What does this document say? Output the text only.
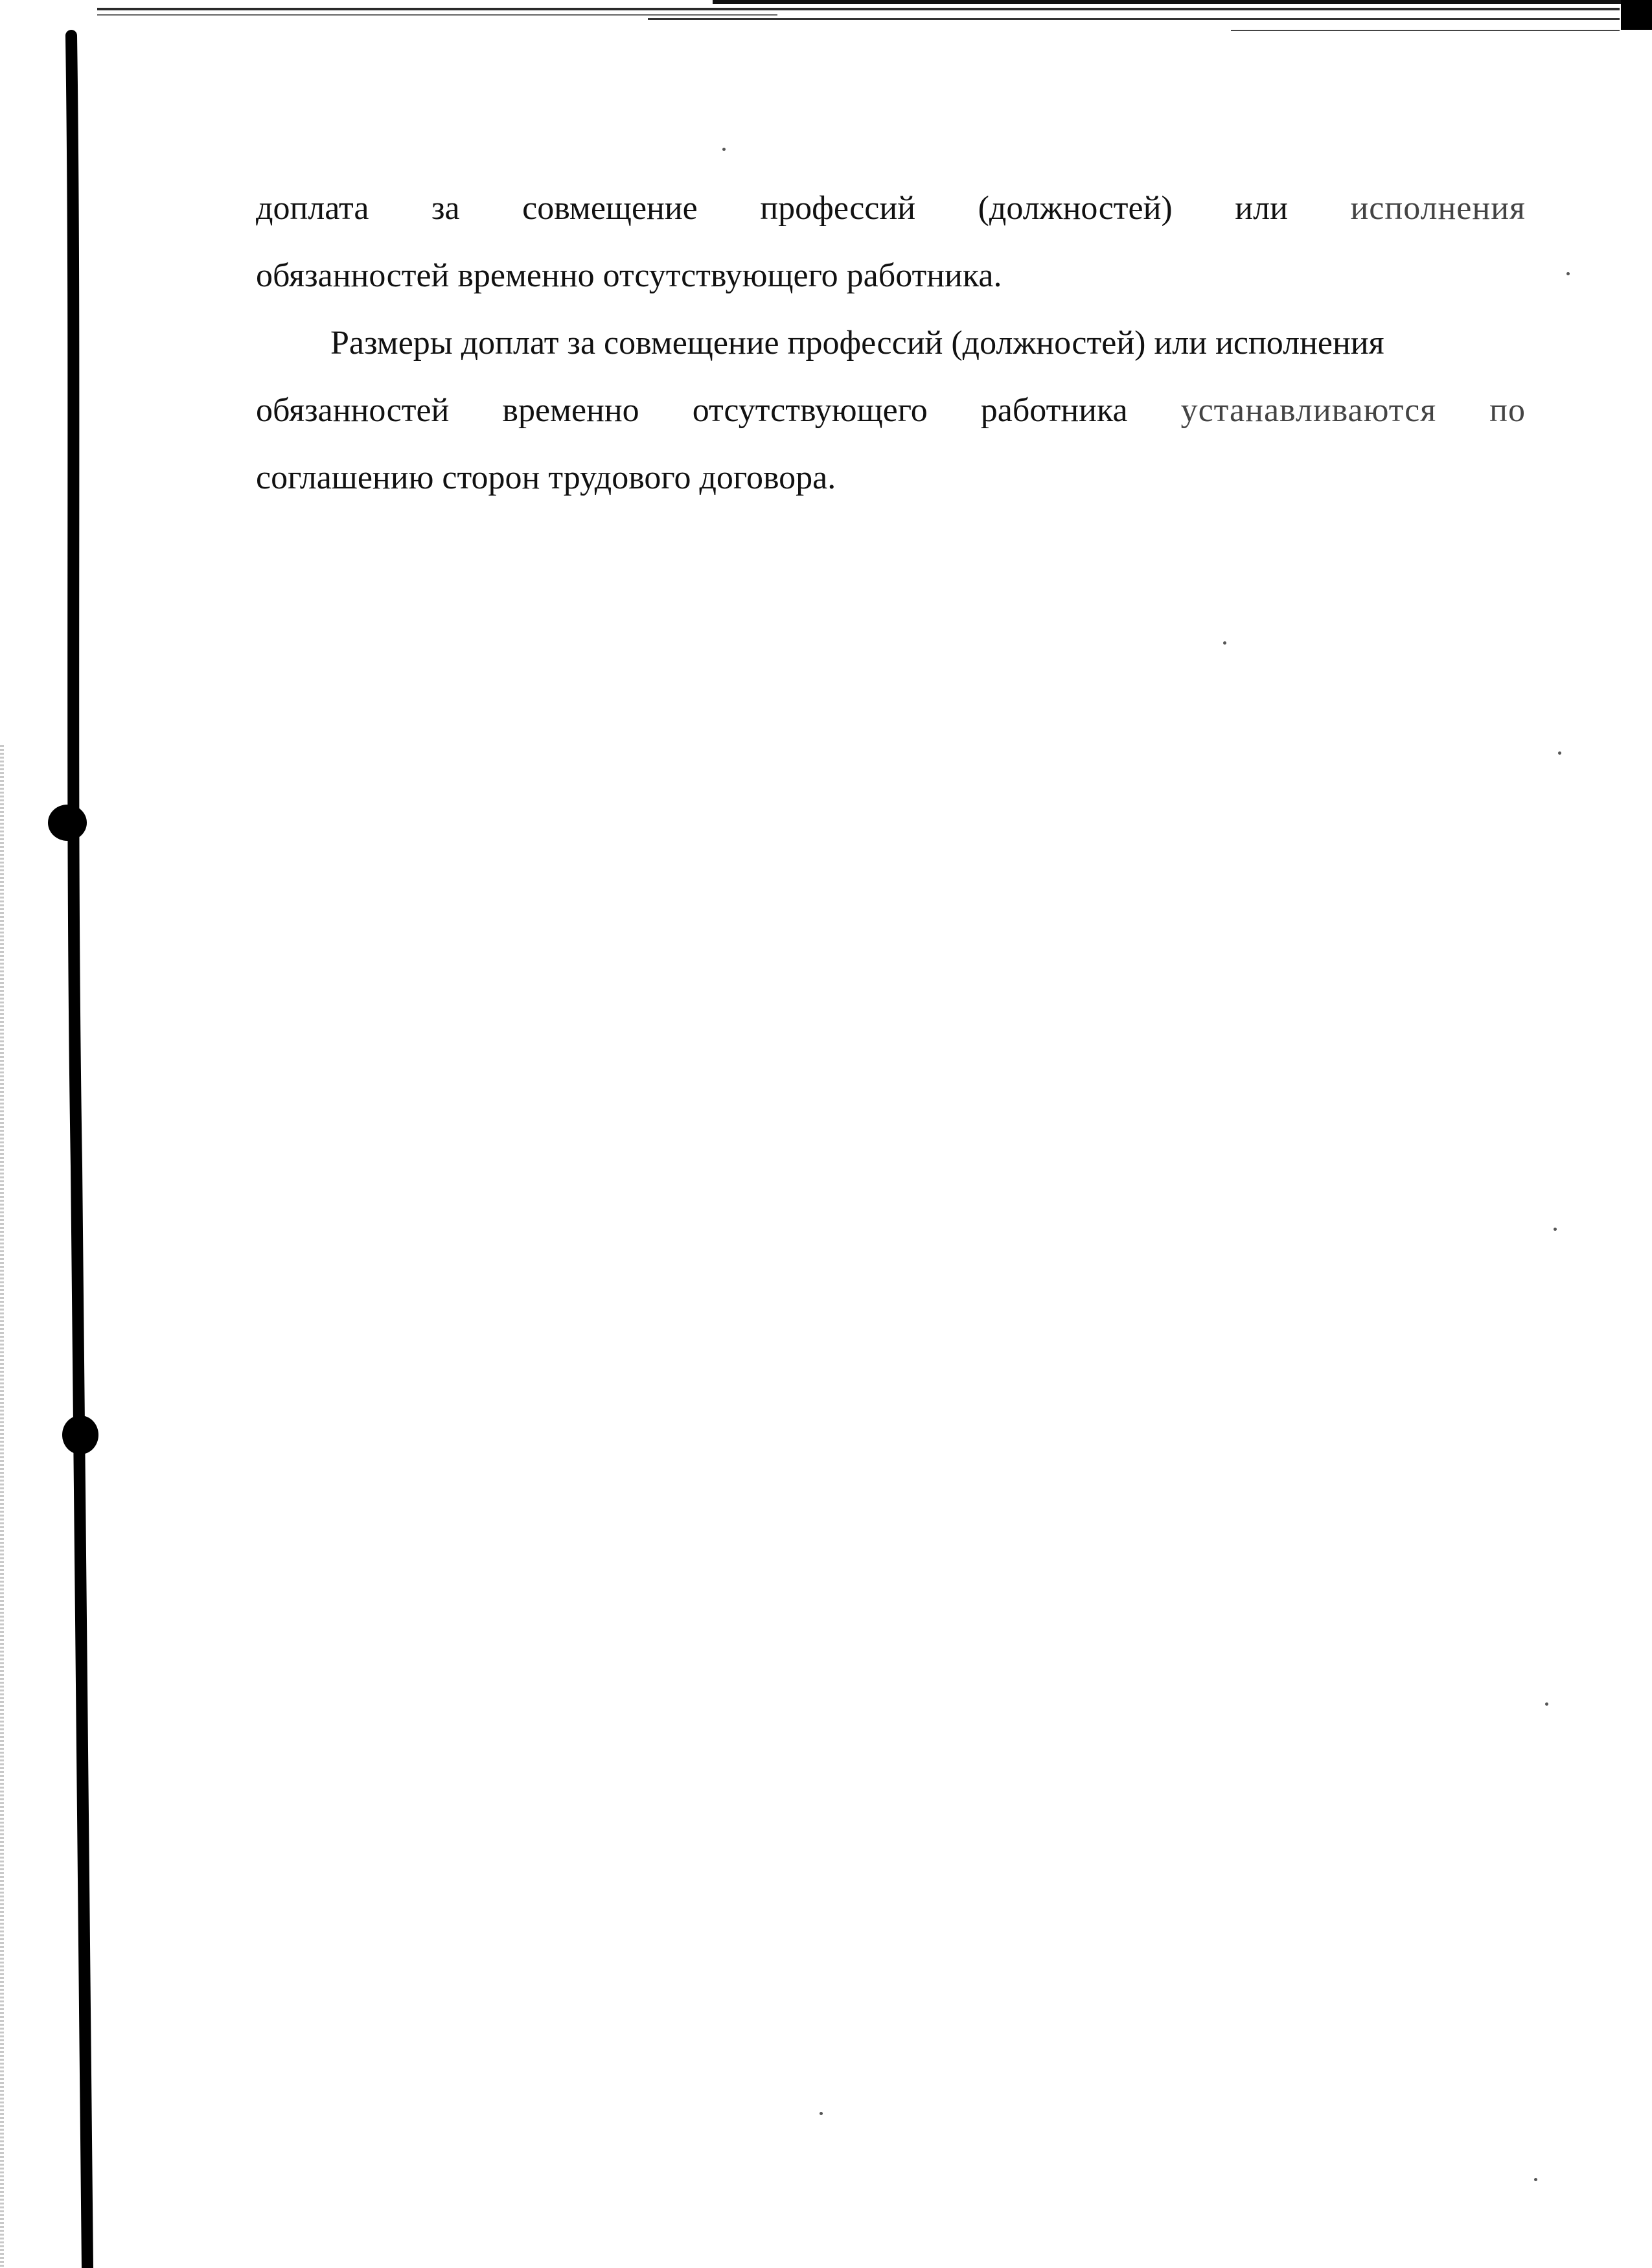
доплата за совмещение профессий (должностей) или исполнения
обязанностей временно отсутствующего работника.
Размеры доплат за совмещение профессий (должностей) или исполнения
обязанностей временно отсутствующего работника устанавливаются по
соглашению сторон трудового договора.
